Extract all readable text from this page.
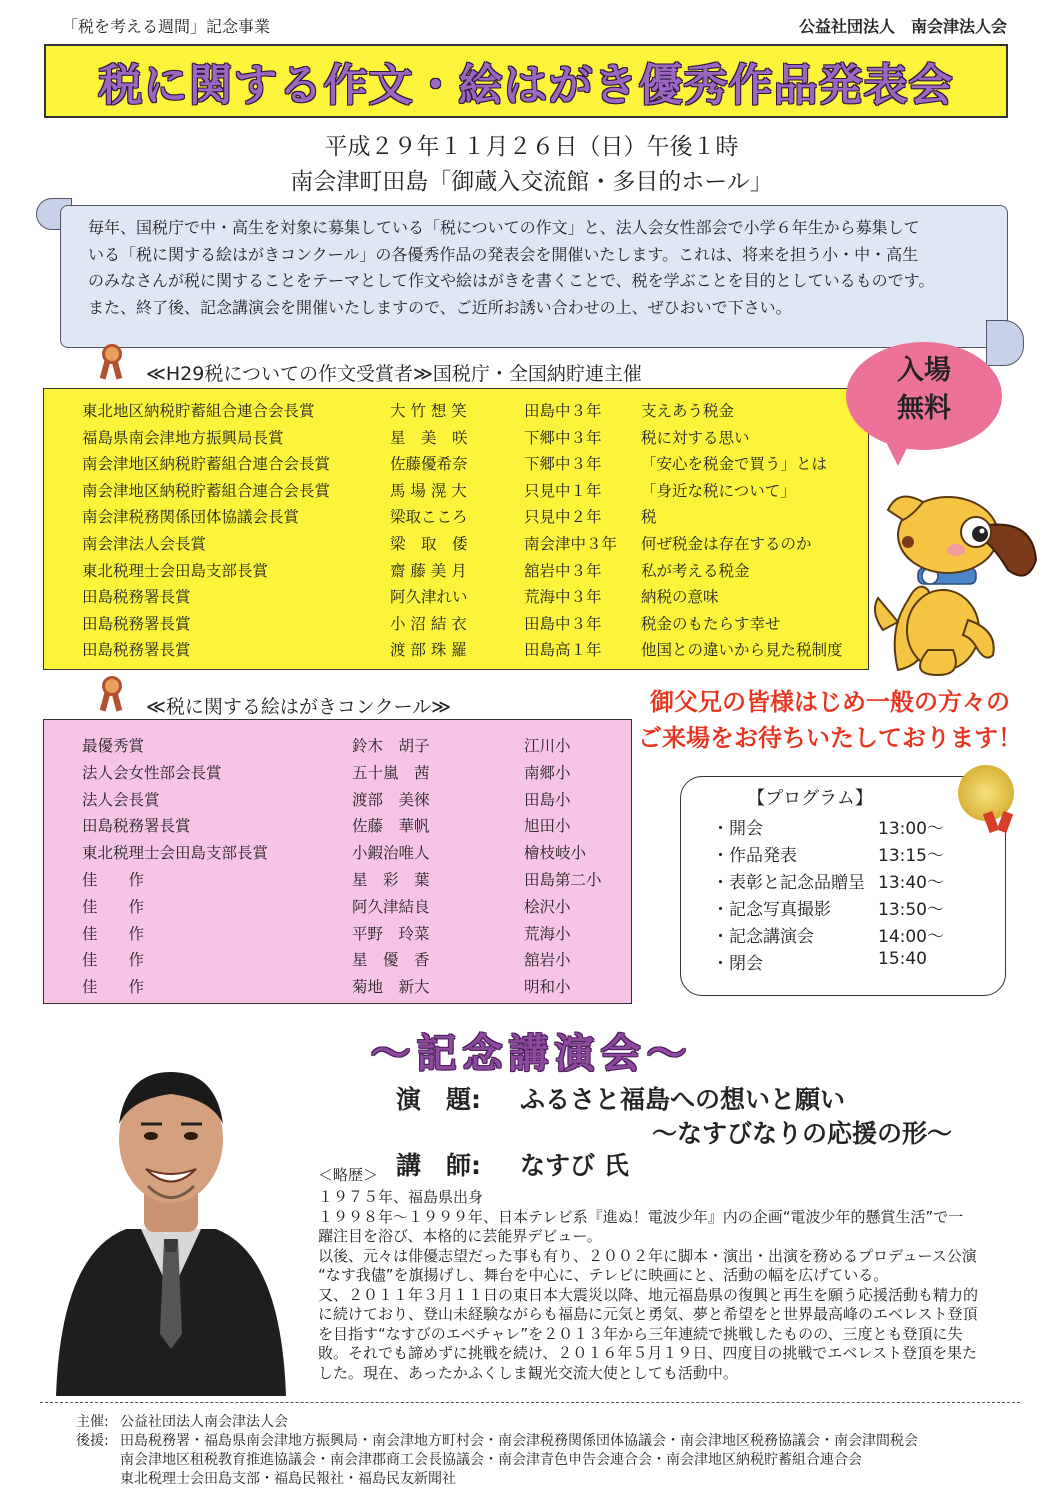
「税を考える週間」記念事業	公益社団法人　南会津法人会
税に関する作文・絵はがき優秀作品発表会
平成２９年１１月２６日（日）午後１時
南会津町田島「御蔵入交流館・多目的ホール」
毎年、国税庁で中・高生を対象に募集している「税についての作文」と、法人会女性部会で小学６年生から募集して
いる「税に関する絵はがきコンクール」の各優秀作品の発表会を開催いたします。これは、将来を担う小・中・高生
のみなさんが税に関することをテーマとして作文や絵はがきを書くことで、税を学ぶことを目的としているものです。
また、終了後、記念講演会を開催いたしますので、ご近所お誘い合わせの上、ぜひおいで下さい。
≪H29税についての作文受賞者≫国税庁・全国納貯連主催
東北地区納税貯蓄組合連合会長賞	大 竹 想 笑	田島中３年	支えあう税金
福島県南会津地方振興局長賞	星　美　咲	下郷中３年	税に対する思い
南会津地区納税貯蓄組合連合会長賞	佐藤優希奈	下郷中３年	「安心を税金で買う」とは
南会津地区納税貯蓄組合連合会長賞	馬 場 滉 大	只見中１年	「身近な税について」
南会津税務関係団体協議会長賞	梁取こころ	只見中２年	税
南会津法人会長賞	梁　取　倭	南会津中３年 何ぜ税金は存在するのか
東北税理士会田島支部長賞	齋 藤 美 月	舘岩中３年	私が考える税金
田島税務署長賞	阿久津れい	荒海中３年	納税の意味
田島税務署長賞	小 沼 結 衣	田島中３年	税金のもたらす幸せ
田島税務署長賞	渡 部 珠 羅	田島高１年	他国との違いから見た税制度
≪税に関する絵はがきコンクール≫
最優秀賞	鈴木　胡子	江川小
法人会女性部会長賞	五十嵐　茜	南郷小
法人会長賞	渡部　美徠	田島小
田島税務署長賞	佐藤　華帆	旭田小
東北税理士会田島支部長賞	小鍜治唯人	檜枝岐小
佳　　作	星　彩　葉	田島第二小
佳　　作	阿久津結良	桧沢小
佳　　作	平野　玲菜	荒海小
佳　　作	星　優　香	舘岩小
佳　　作	菊地　新大	明和小
入場
無料
御父兄の皆様はじめ一般の方々の
ご来場をお待ちいたしております！
【プログラム】
・開会	13:00〜
・作品発表	13:15〜
・表彰と記念品贈呈 13:40〜
・記念写真撮影	13:50〜
・記念講演会	14:00〜
・閉会	15:40
〜記念講演会〜
演　題: ふるさと福島への想いと願い
〜なすびなりの応援の形〜
講　師: なすび 氏
＜略歴＞
１９７５年、福島県出身
１９９８年〜１９９９年、日本テレビ系『進ぬ！電波少年』内の企画“電波少年的懸賞生活”で一
躍注目を浴び、本格的に芸能界デビュー。
以後、元々は俳優志望だった事も有り、２００２年に脚本・演出・出演を務めるプロデュース公演
“なす我儘”を旗揚げし、舞台を中心に、テレビに映画にと、活動の幅を広げている。
又、２０１１年３月１１日の東日本大震災以降、地元福島県の復興と再生を願う応援活動も精力的
に続けており、登山未経験ながらも福島に元気と勇気、夢と希望をと世界最高峰のエベレスト登頂
を目指す“なすびのエベチャレ”を２０１３年から三年連続で挑戦したものの、三度とも登頂に失
敗。それでも諦めずに挑戦を続け、２０１６年５月１９日、四度目の挑戦でエベレスト登頂を果た
した。現在、あったかふくしま観光交流大使としても活動中。
主催: 公益社団法人南会津法人会
後援: 田島税務署・福島県南会津地方振興局・南会津地方町村会・南会津税務関係団体協議会・南会津地区税務協議会・南会津間税会
南会津地区租税教育推進協議会・南会津郡商工会長協議会・南会津青色申告会連合会・南会津地区納税貯蓄組合連合会
東北税理士会田島支部・福島民報社・福島民友新聞社
